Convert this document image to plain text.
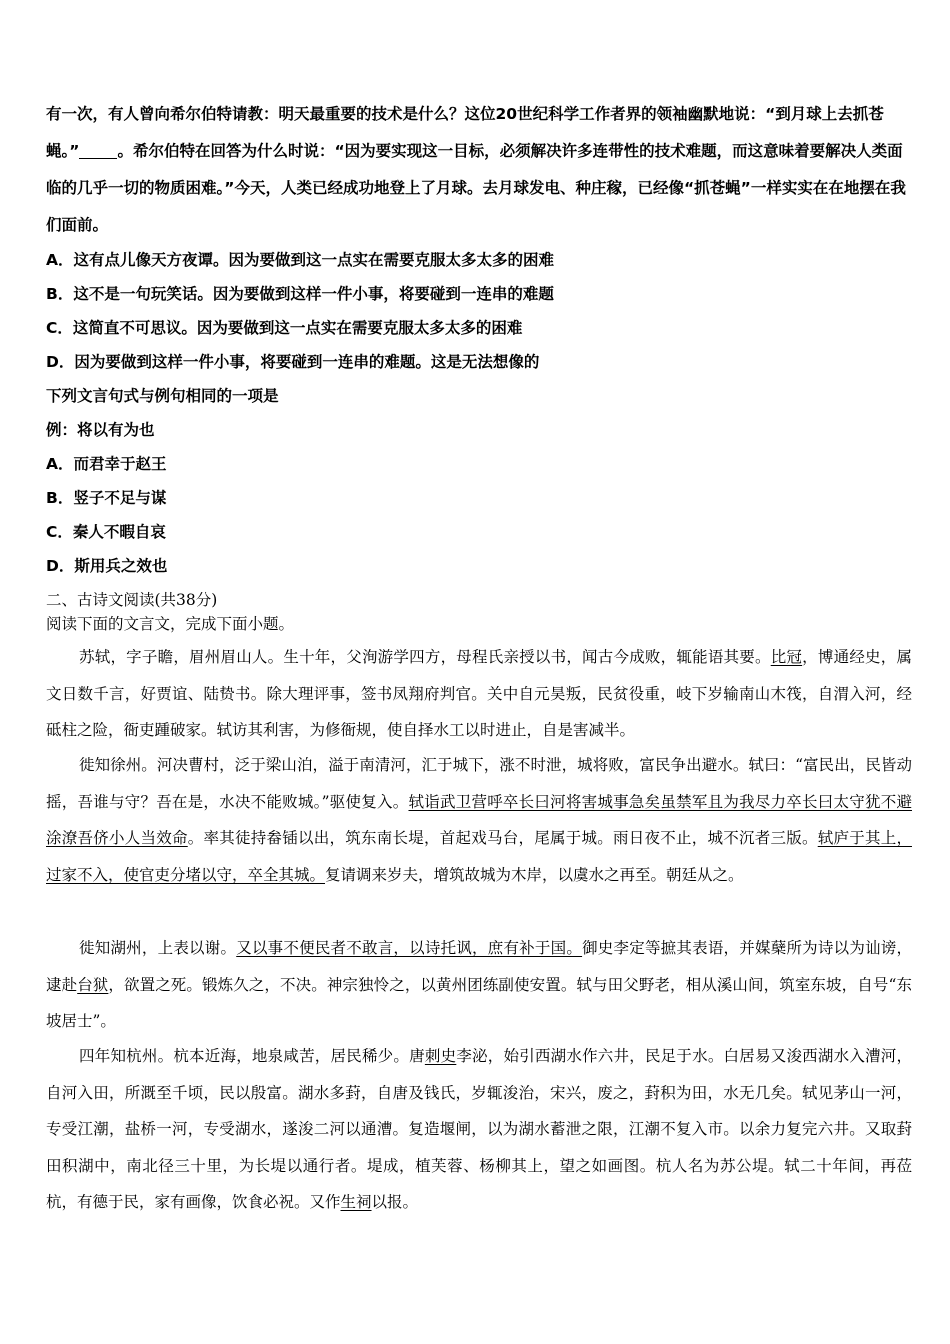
有一次，有人曾向希尔伯特请教：明天最重要的技术是什么？这位20世纪科学工作者界的领袖幽默地说：“到月球上去抓苍蝇。” 。希尔伯特在回答为什么时说：“因为要实现这一目标，必须解决许多连带性的技术难题，而这意味着要解决人类面临的几乎一切的物质困难。”今天，人类已经成功地登上了月球。去月球发电、种庄稼，已经像“抓苍蝇”一样实实在在地摆在我们面前。
A．这有点儿像天方夜谭。因为要做到这一点实在需要克服太多太多的困难
B．这不是一句玩笑话。因为要做到这样一件小事，将要碰到一连串的难题
C．这简直不可思议。因为要做到这一点实在需要克服太多太多的困难
D．因为要做到这样一件小事，将要碰到一连串的难题。这是无法想像的
下列文言句式与例句相同的一项是
例：将以有为也
A．而君幸于赵王
B．竖子不足与谋
C．秦人不暇自哀
D．斯用兵之效也
二、古诗文阅读(共38分)
阅读下面的文言文，完成下面小题。
苏轼，字子瞻，眉州眉山人。生十年，父洵游学四方，母程氏亲授以书，闻古今成败，辄能语其要。比冠，博通经史，属文日数千言，好贾谊、陆贽书。除大理评事，签书凤翔府判官。关中自元昊叛，民贫役重，岐下岁输南山木筏，自渭入河，经砥柱之险，衙吏踵破家。轼访其利害，为修衙规，使自择水工以时进止，自是害减半。
徙知徐州。河决曹村，泛于梁山泊，溢于南清河，汇于城下，涨不时泄，城将败，富民争出避水。轼曰：“富民出，民皆动摇，吾谁与守？吾在是，水决不能败城。”驱使复入。轼诣武卫营呼卒长曰河将害城事急矣虽禁军且为我尽力卒长曰太守犹不避涂潦吾侪小人当效命。率其徒持畚锸以出，筑东南长堤，首起戏马台，尾属于城。雨日夜不止，城不沉者三版。轼庐于其上，过家不入，使官吏分堵以守，卒全其城。复请调来岁夫，增筑故城为木岸，以虞水之再至。朝廷从之。
徙知湖州，上表以谢。又以事不便民者不敢言，以诗托讽，庶有补于国。御史李定等摭其表语，并媒蘖所为诗以为讪谤，逮赴台狱，欲置之死。锻炼久之，不决。神宗独怜之，以黄州团练副使安置。轼与田父野老，相从溪山间，筑室东坡，自号“东坡居士”。
四年知杭州。杭本近海，地泉咸苦，居民稀少。唐刺史李泌，始引西湖水作六井，民足于水。白居易又浚西湖水入漕河，自河入田，所溉至千顷，民以殷富。湖水多葑，自唐及钱氏，岁辄浚治，宋兴，废之，葑积为田，水无几矣。轼见茅山一河，专受江潮，盐桥一河，专受湖水，遂浚二河以通漕。复造堰闸，以为湖水蓄泄之限，江潮不复入市。以余力复完六井。又取葑田积湖中，南北径三十里，为长堤以通行者。堤成，植芙蓉、杨柳其上，望之如画图。杭人名为苏公堤。轼二十年间，再莅杭，有德于民，家有画像，饮食必祝。又作生祠以报。
